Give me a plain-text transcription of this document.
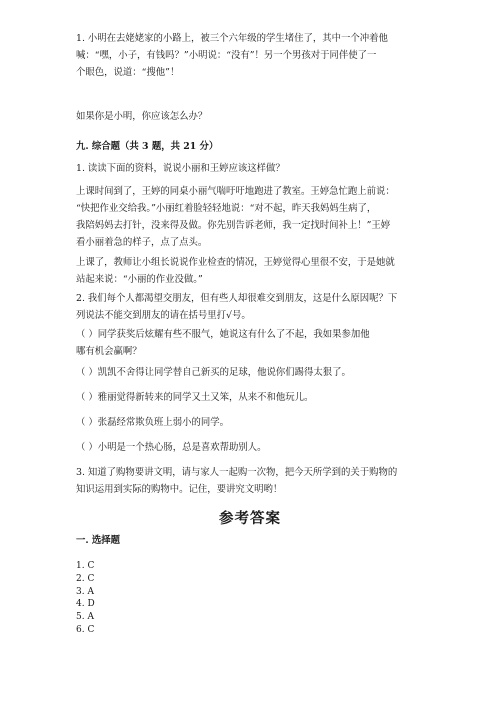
1. 小明在去姥姥家的小路上，被三个六年级的学生堵住了，其中一个冲着他
喊：“嘿，小子，有钱吗？”小明说：“没有”！另一个男孩对于同伴使了一
个眼色，说道：“搜他”！
如果你是小明，你应该怎么办？
九. 综合题（共 3 题，共 21 分）
1. 读读下面的资料，说说小丽和王婷应该这样做？
上课时间到了，王婷的同桌小丽气喘吁吁地跑进了教室。王婷急忙跑上前说：
“快把作业交给我。”小丽红着脸轻轻地说：“对不起，昨天我妈妈生病了，
我陪妈妈去打针，没来得及做。你先别告诉老师，我一定找时间补上！”王婷
看小丽着急的样子，点了点头。
上课了，教师让小组长说说作业检查的情况，王婷觉得心里很不安，于是她就
站起来说：“小丽的作业没做。”
2. 我们每个人都渴望交朋友，但有些人却很难交到朋友，这是什么原因呢？下
列说法不能交到朋友的请在括号里打√号。
（ ）同学获奖后炫耀有些不服气，她说这有什么了不起，我如果参加他
哪有机会赢啊？
（ ）凯凯不舍得让同学替自己新买的足球，他说你们踢得太狠了。
（ ）雅丽觉得新转来的同学又土又笨，从来不和他玩儿。
（ ）张磊经常欺负班上弱小的同学。
（ ）小明是一个热心肠，总是喜欢帮助别人。
3. 知道了购物要讲文明，请与家人一起购一次物，把今天所学到的关于购物的
知识运用到实际的购物中。记住，要讲究文明哟！
参考答案
一. 选择题
1. C
2. C
3. A
4. D
5. A
6. C
